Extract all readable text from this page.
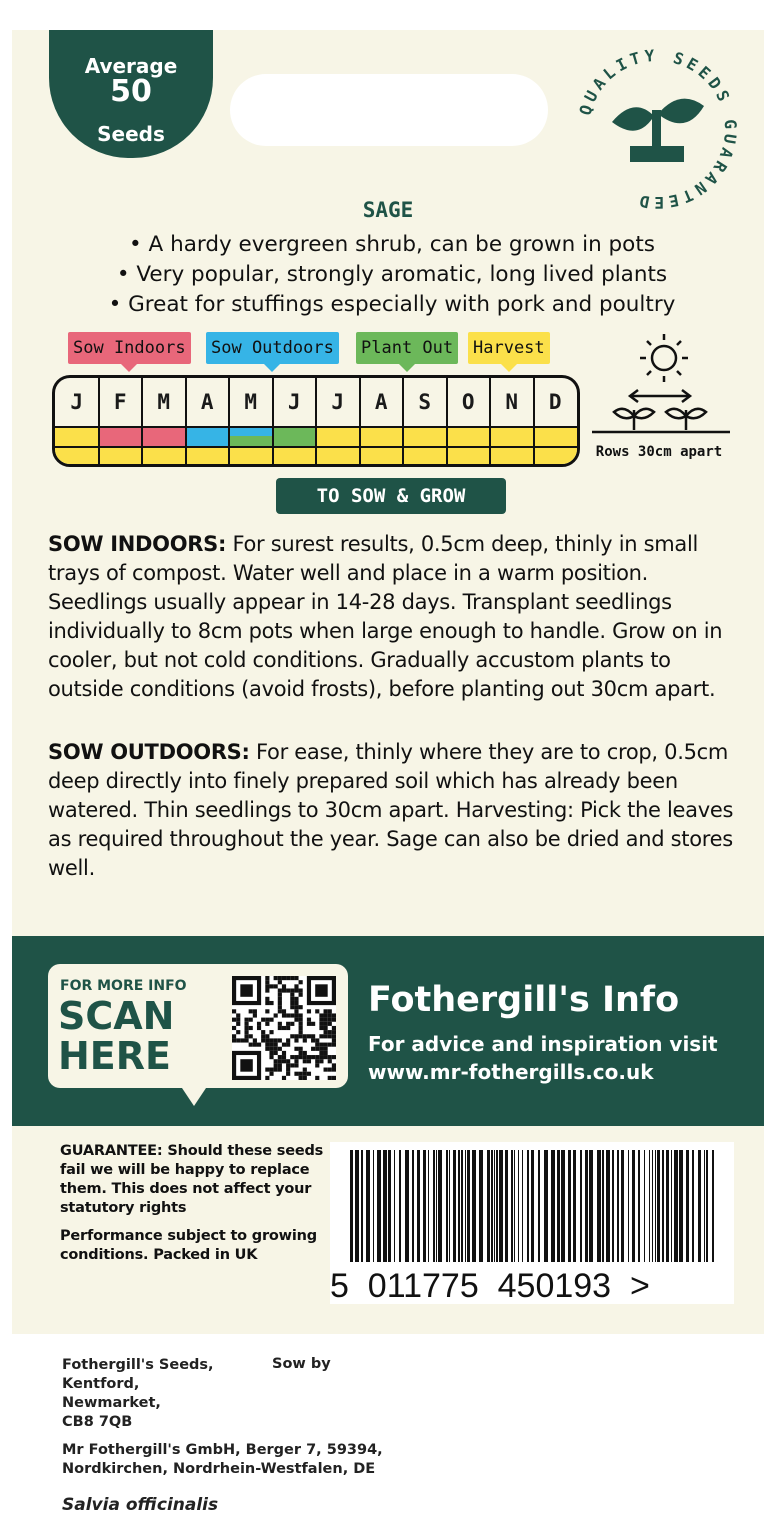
Average
50
Seeds
QUALITY SEEDS GUARANTEED
SAGE
• A hardy evergreen shrub, can be grown in pots
• Very popular, strongly aromatic, long lived plants
• Great for stuffings especially with pork and poultry
Sow Indoors Sow Outdoors Plant Out Harvest
J	F	M	A	M	J	J	A	S	O	N	D
Rows 30cm apart
TO SOW & GROW
SOW INDOORS: For surest results, 0.5cm deep, thinly in small trays of compost. Water well and place in a warm position. Seedlings usually appear in 14-28 days. Transplant seedlings individually to 8cm pots when large enough to handle. Grow on in cooler, but not cold conditions. Gradually accustom plants to outside conditions (avoid frosts), before planting out 30cm apart.
SOW OUTDOORS: For ease, thinly where they are to crop, 0.5cm deep directly into finely prepared soil which has already been watered. Thin seedlings to 30cm apart. Harvesting: Pick the leaves as required throughout the year. Sage can also be dried and stores well.
FOR MORE INFO
SCAN
HERE
Fothergill's Info
For advice and inspiration visit
www.mr-fothergills.co.uk

GUARANTEE: Should these seeds fail we will be happy to replace them. This does not affect your statutory rights

Performance subject to growing conditions. Packed in UK

5  011775  450193  >

Fothergill's Seeds,
Kentford,
Newmarket,
CB8 7QB

Mr Fothergill's GmbH, Berger 7, 59394,
Nordkirchen, Nordrhein-Westfalen, DE

Sow by
Salvia officinalis
